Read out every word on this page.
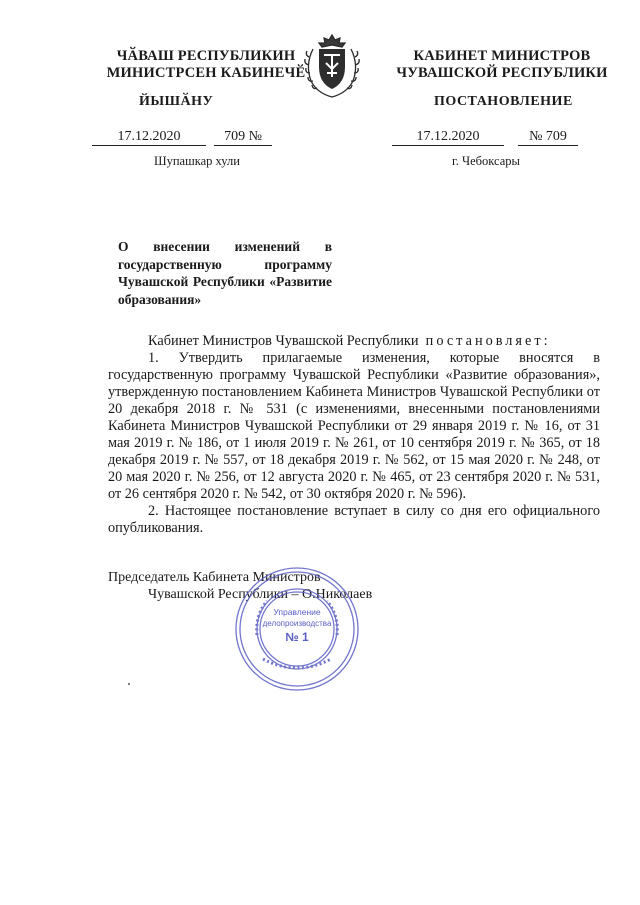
ЧӐВАШ РЕСПУБЛИКИН
МИНИСТРСЕН КАБИНЕЧӖ
ЙЫШӐНУ
КАБИНЕТ МИНИСТРОВ
ЧУВАШСКОЙ РЕСПУБЛИКИ
ПОСТАНОВЛЕНИЕ
17.12.2020	709 №
Шупашкар хули
17.12.2020	№ 709
г. Чебоксары
О внесении изменений в государственную программу Чувашской Республики «Развитие образования»

Кабинет Министров Чувашской Республики постановляет:

1. Утвердить прилагаемые изменения, которые вносятся в государственную программу Чувашской Республики «Развитие образования», утвержденную постановлением Кабинета Министров Чувашской Республики от 20 декабря 2018 г. № 531 (с изменениями, внесенными постановлениями Кабинета Министров Чувашской Республики от 29 января 2019 г. № 16, от 31 мая 2019 г. № 186, от 1 июля 2019 г. № 261, от 10 сентября 2019 г. № 365, от 18 декабря 2019 г. № 557, от 18 декабря 2019 г. № 562, от 15 мая 2020 г. № 248, от 20 мая 2020 г. № 256, от 12 августа 2020 г. № 465, от 23 сентября 2020 г. № 531, от 26 сентября 2020 г. № 542, от 30 октября 2020 г. № 596).

2. Настоящее постановление вступает в силу со дня его официального опубликования.

Председатель Кабинета Министров
Чувашской Республики – О.Николаев
Управление
делопроизводства
№ 1
